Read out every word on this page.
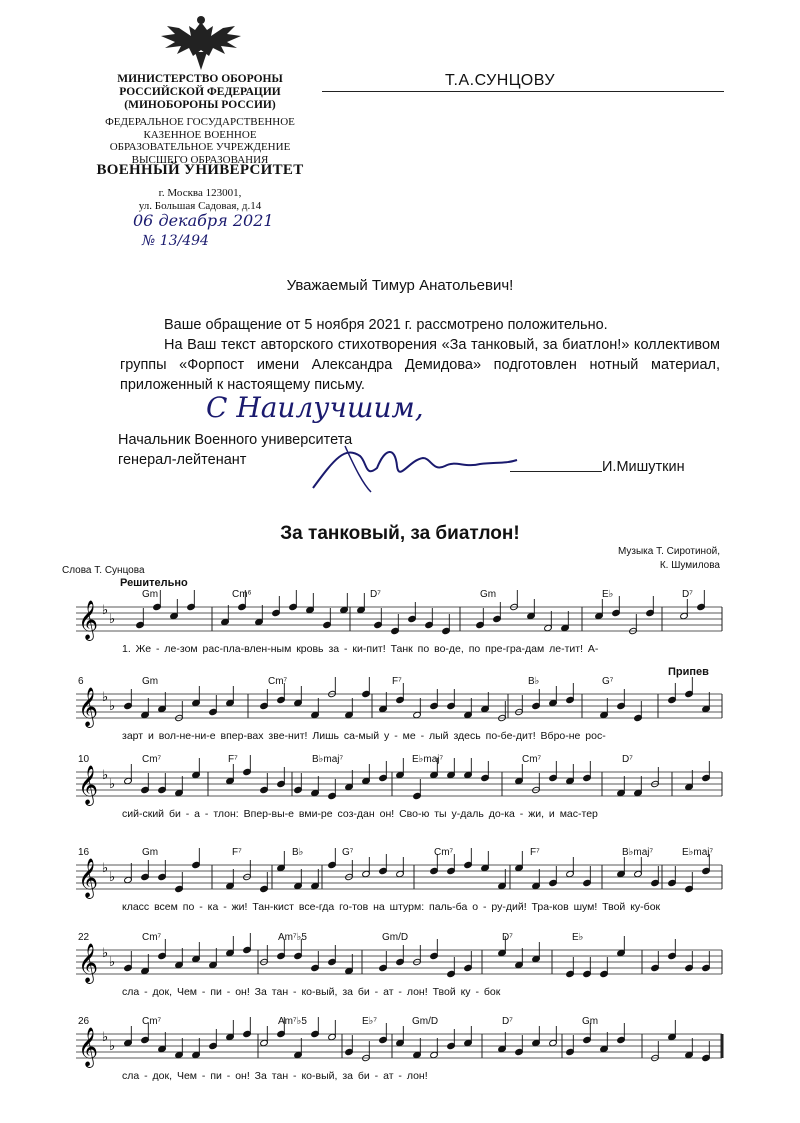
МИНИСТЕРСТВО ОБОРОНЫ
РОССИЙСКОЙ ФЕДЕРАЦИИ
(МИНОБОРОНЫ РОССИИ)
ФЕДЕРАЛЬНОЕ ГОСУДАРСТВЕННОЕ
КАЗЕННОЕ ВОЕННОЕ
ОБРАЗОВАТЕЛЬНОЕ УЧРЕЖДЕНИЕ
ВЫСШЕГО ОБРАЗОВАНИЯ
ВОЕННЫЙ УНИВЕРСИТЕТ
г. Москва 123001,
ул. Большая Садовая, д.14
06 декабря 2021
№ 13/494
Т.А.СУНЦОВУ
Уважаемый Тимур Анатольевич!

Ваше обращение от 5 ноября 2021 г. рассмотрено положительно.

На Ваш текст авторского стихотворения «За танковый, за биатлон!» коллективом группы «Форпост имени Александра Демидова» подготовлен нотный материал, приложенный к настоящему письму.

С Наилучшим,
Начальник Военного университета
генерал-лейтенант	И.Мишуткин
За танковый, за биатлон!
Слова Т. Сунцова
Музыка Т. Сиротиной,
К. Шумилова
𝄞 ♭
♭
Gm	Cm⁶	D⁷	Gm	E♭	D⁷
1. Же - ле-зом рас-пла-влен-ным кровь за - ки-пит! Танк по во-де, по пре-гра-дам ле-тит! А-
Решительно
𝄞 ♭
♭
6	Gm	Cm⁷	F⁷	B♭	G⁷
зарт и вол-не-ни-е впер-вах зве-нит! Лишь са-мый у - ме - лый здесь по-бе-дит! Вбро-не рос-
Припев
𝄞 ♭
♭
10	Cm⁷	F⁷	B♭maj⁷	E♭maj⁷	Cm⁷	D⁷
сий-ский би - а - тлон: Впер-вы-е вми-ре соз-дан он! Сво-ю ты у-даль до-ка - жи, и мас-тер
𝄞 ♭
♭
16	Gm	F⁷	B♭	G⁷	Cm⁷	F⁷	B♭maj⁷	E♭maj⁷
класс всем по - ка - жи! Тан-кист все-гда го-тов на штурм: паль-ба о - ру-дий! Тра-ков шум! Твой ку-бок
𝄞 ♭
♭
22	Cm⁷	Am⁷♭5	Gm/D	D⁷	E♭
сла - док, Чем - пи - он! За тан - ко-вый, за би - ат - лон! Твой ку - бок
𝄞 ♭
♭
26	Cm⁷	Am⁷♭5	E♭⁷	Gm/D	D⁷	Gm
сла - док, Чем - пи - он! За тан - ко-вый, за би - ат - лон!
